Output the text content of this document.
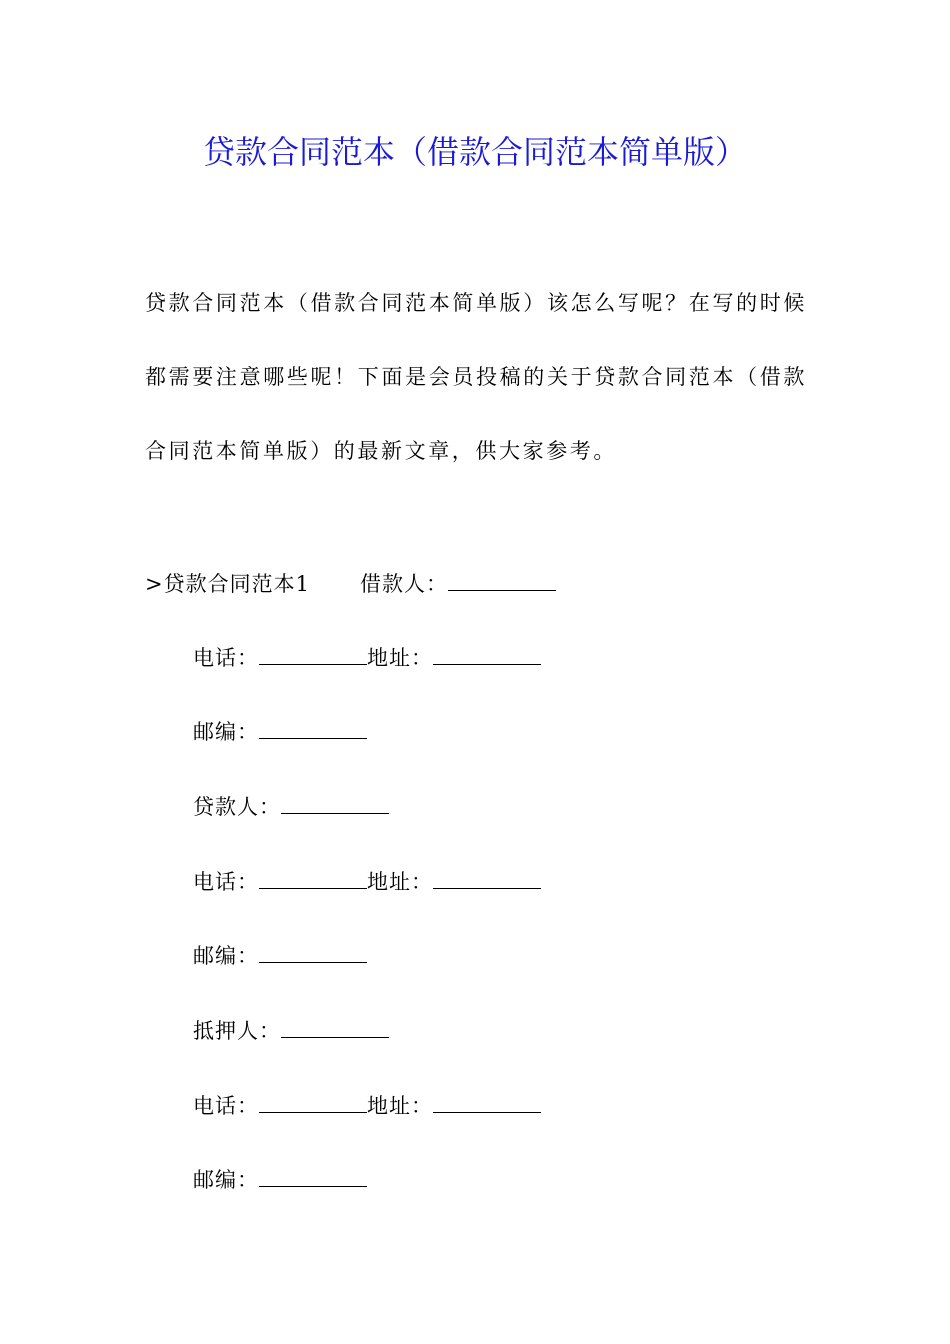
贷款合同范本（借款合同范本简单版）

贷款合同范本（借款合同范本简单版）该怎么写呢？在写的时候都需要注意哪些呢！下面是会员投稿的关于贷款合同范本（借款合同范本简单版）的最新文章，供大家参考。

>贷款合同范本1 借款人：
电话：	地址：
邮编：
贷款人：
电话：	地址：
邮编：
抵押人：
电话：	地址：
邮编：
